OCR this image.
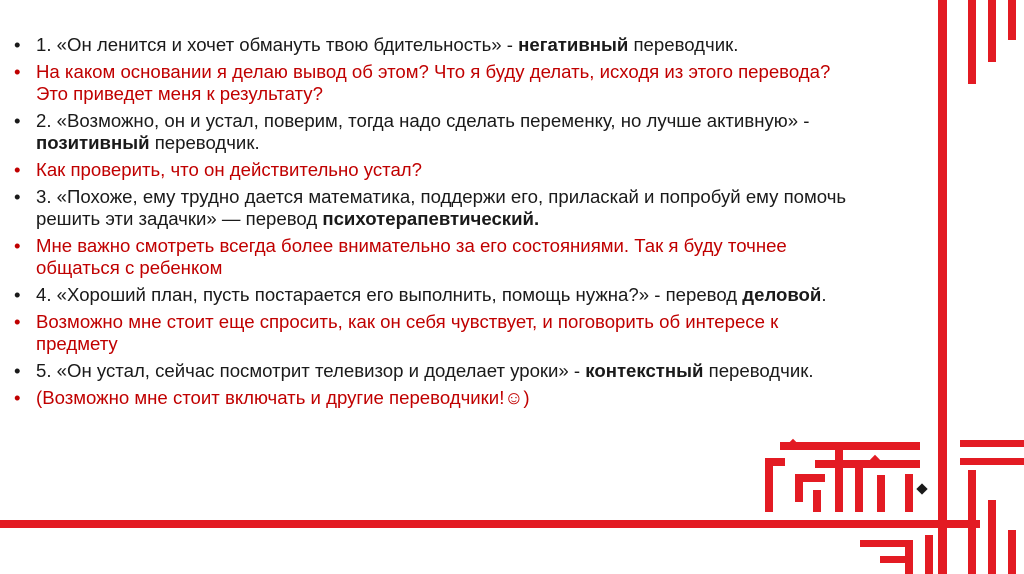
• 1. «Он ленится и хочет обмануть твою бдительность» - негативный переводчик.
• На каком основании я делаю вывод об этом? Что я буду делать, исходя из этого перевода? Это приведет меня к результату?
• 2. «Возможно, он и устал, поверим, тогда надо сделать переменку, но лучше активную» - позитивный переводчик.
• Как проверить, что он действительно устал?
• 3. «Похоже, ему трудно дается математика, поддержи его, приласкай и попробуй ему помочь решить эти задачки» — перевод психотерапевтический.
• Мне важно смотреть всегда более внимательно за его состояниями. Так я буду точнее общаться с ребенком
• 4. «Хороший план, пусть постарается его выполнить, помощь нужна?» - перевод деловой.
• Возможно мне стоит еще спросить, как он себя чувствует, и поговорить об интересе к предмету
• 5. «Он устал, сейчас посмотрит телевизор и доделает уроки» - контекстный переводчик.
• (Возможно мне стоит включать и другие переводчики!☺)
